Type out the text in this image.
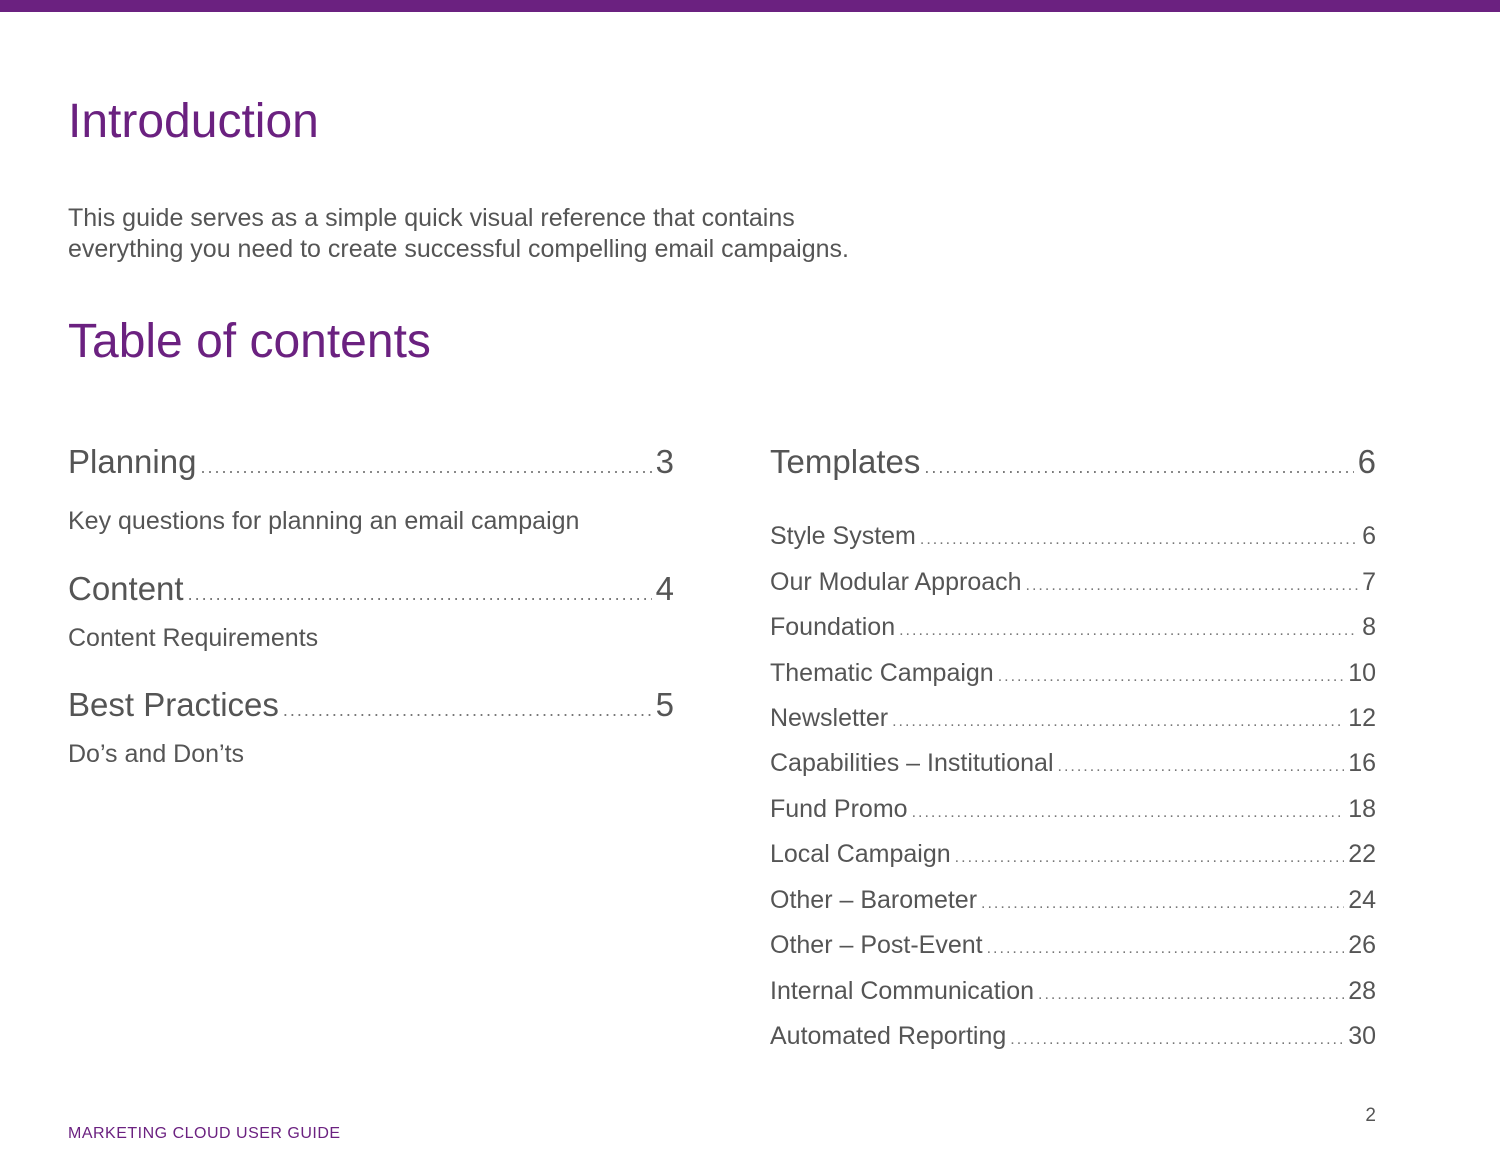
Introduction

This guide serves as a simple quick visual reference that contains
everything you need to create successful compelling email campaigns.

Table of contents
Planning .....	3

Key questions for planning an email campaign

Content .....	4

Content Requirements

Best Practices .....	5

Do’s and Don’ts

Templates .....	6
Style System .....	6
Our Modular Approach .....	7
Foundation .....	8
Thematic Campaign .....	10
Newsletter .....	12
Capabilities – Institutional .....	16
Fund Promo .....	18
Local Campaign .....	22
Other – Barometer .....	24
Other – Post-Event .....	26
Internal Communication .....	28
Automated Reporting .....	30

2

MARKETING CLOUD USER GUIDE
